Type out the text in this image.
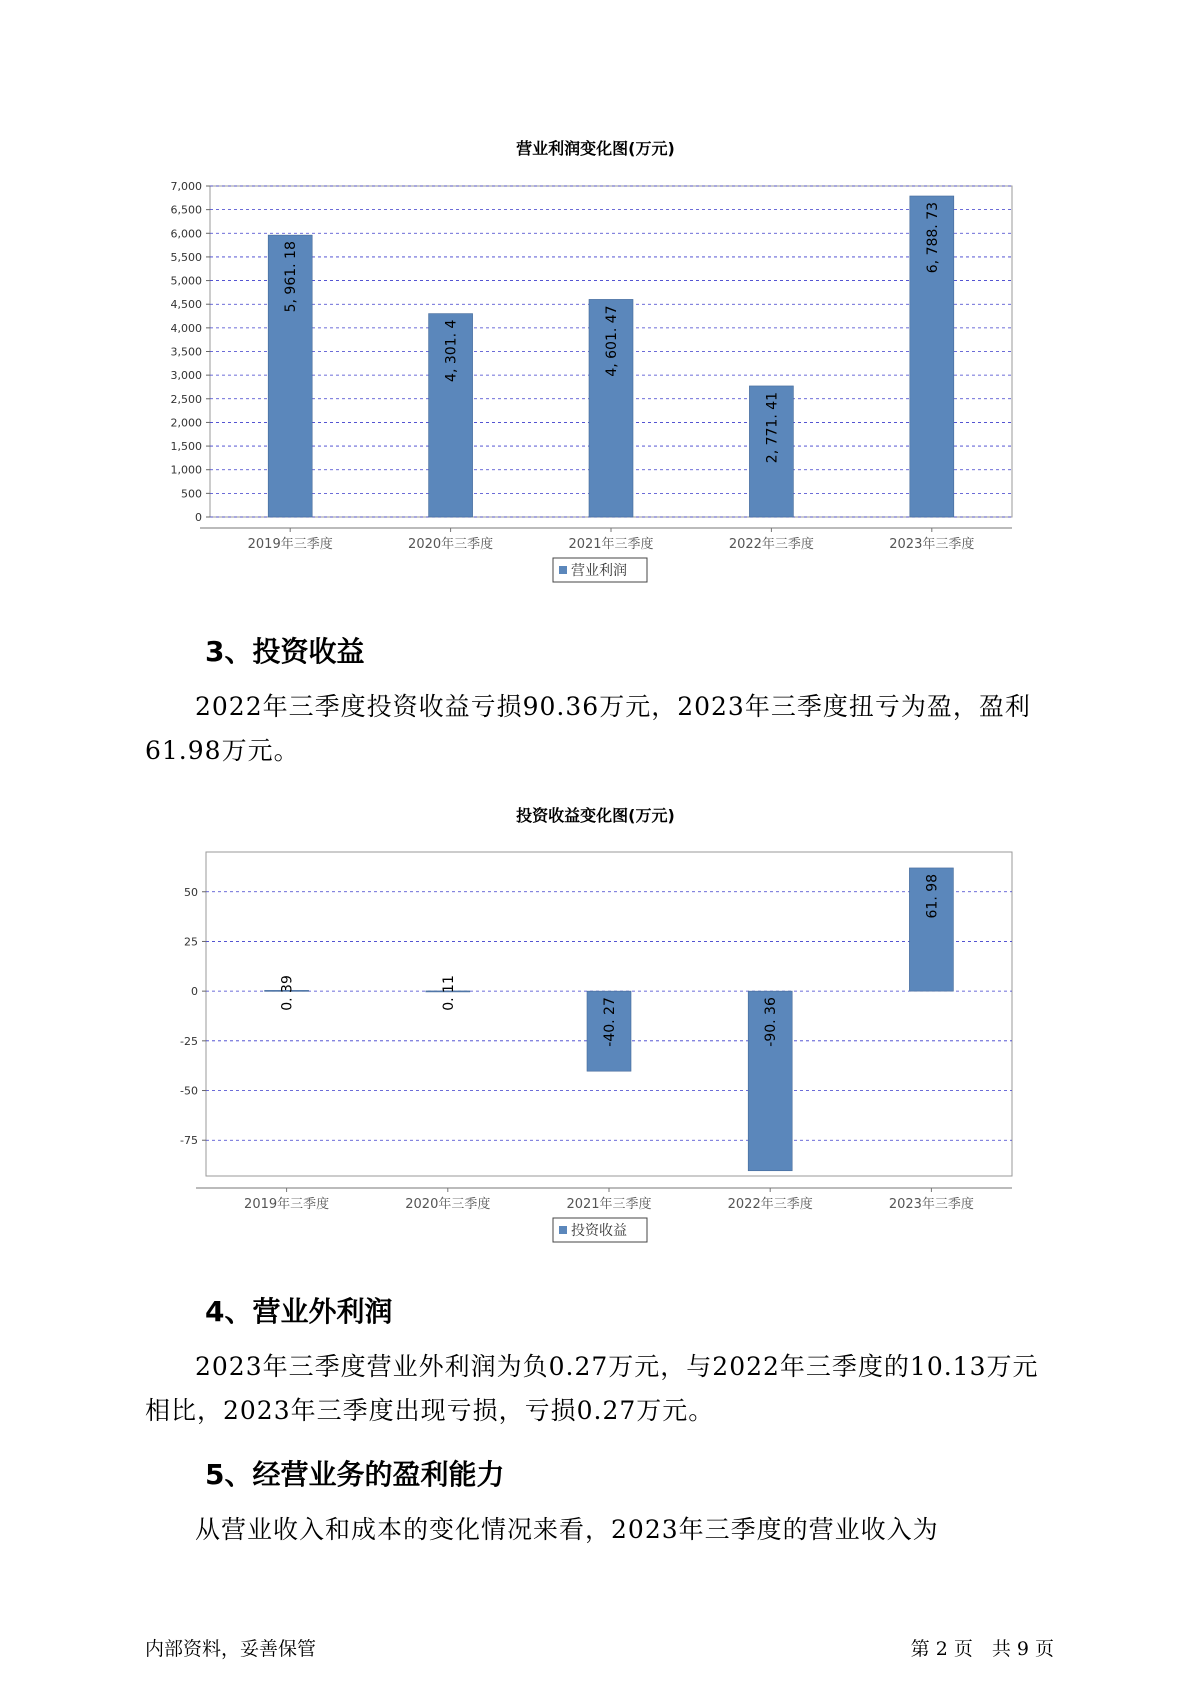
营业利润变化图(万元)
0
500
1,000
1,500
2,000
2,500
3,000
3,500
4,000
4,500
5,000
5,500
6,000
6,500
7,000
2019年三季度
5, 961. 18
2020年三季度
4, 301. 4
2021年三季度
4, 601. 47
2022年三季度
2, 771. 41
2023年三季度
6, 788. 73
营业利润
3、投资收益

2022年三季度投资收益亏损90.36万元，2023年三季度扭亏为盈，盈利61.98万元。

投资收益变化图(万元)
-75
-50
-25
0
25
50
2019年三季度
0. 39
2020年三季度
0. 11
2021年三季度
-40. 27
2022年三季度
-90. 36
2023年三季度
61. 98
投资收益
4、营业外利润

2023年三季度营业外利润为负0.27万元，与2022年三季度的10.13万元相比，2023年三季度出现亏损，亏损0.27万元。

5、经营业务的盈利能力

从营业收入和成本的变化情况来看，2023年三季度的营业收入为

内部资料，妥善保管	第 2 页　共 9 页
